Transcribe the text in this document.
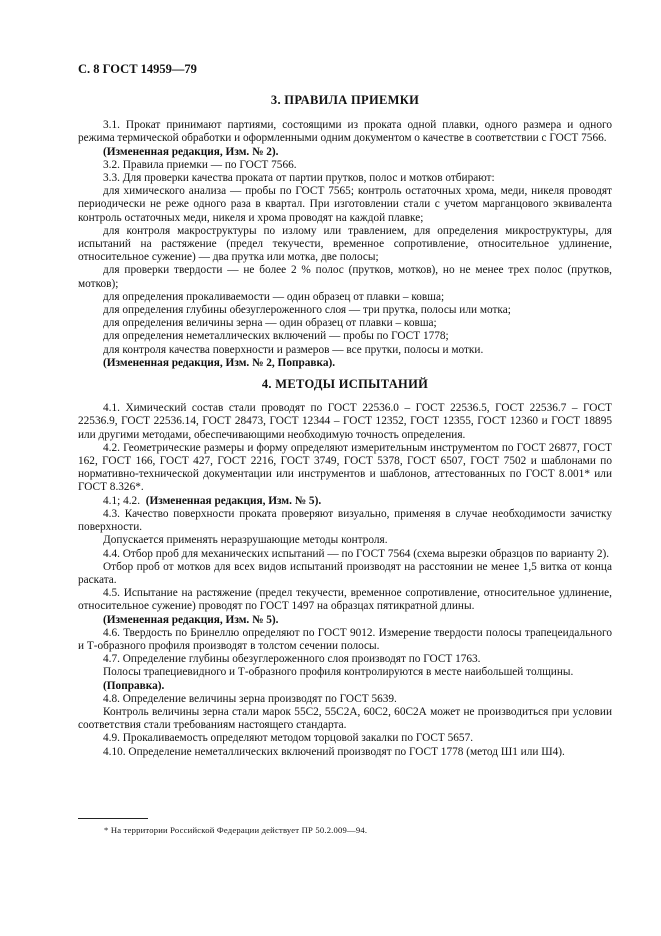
С. 8 ГОСТ 14959—79
3. ПРАВИЛА ПРИЕМКИ

3.1. Прокат принимают партиями, состоящими из проката одной плавки, одного размера и одного режима термической обработки и оформленными одним документом о качестве в соответствии с ГОСТ 7566.

(Измененная редакция, Изм. № 2).

3.2. Правила приемки — по ГОСТ 7566.

3.3. Для проверки качества проката от партии прутков, полос и мотков отбирают:

для химического анализа — пробы по ГОСТ 7565; контроль остаточных хрома, меди, никеля проводят периодически не реже одного раза в квартал. При изготовлении стали с учетом марганцового эквивалента контроль остаточных меди, никеля и хрома проводят на каждой плавке;

для контроля макроструктуры по излому или травлением, для определения микроструктуры, для испытаний на растяжение (предел текучести, временное сопротивление, относительное удлинение, относительное сужение) — два прутка или мотка, две полосы;

для проверки твердости — не более 2 % полос (прутков, мотков), но не менее трех полос (прутков, мотков);

для определения прокаливаемости — один образец от плавки – ковша;

для определения глубины обезуглероженного слоя — три прутка, полосы или мотка;

для определения величины зерна — один образец от плавки – ковша;

для определения неметаллических включений — пробы по ГОСТ 1778;

для контроля качества поверхности и размеров — все прутки, полосы и мотки.

(Измененная редакция, Изм. № 2, Поправка).

4. МЕТОДЫ ИСПЫТАНИЙ

4.1. Химический состав стали проводят по ГОСТ 22536.0 – ГОСТ 22536.5, ГОСТ 22536.7 – ГОСТ 22536.9, ГОСТ 22536.14, ГОСТ 28473, ГОСТ 12344 – ГОСТ 12352, ГОСТ 12355, ГОСТ 12360 и ГОСТ 18895 или другими методами, обеспечивающими необходимую точность определения.

4.2. Геометрические размеры и форму определяют измерительным инструментом по ГОСТ 26877, ГОСТ 162, ГОСТ 166, ГОСТ 427, ГОСТ 2216, ГОСТ 3749, ГОСТ 5378, ГОСТ 6507, ГОСТ 7502 и шаблонами по нормативно-технической документации или инструментов и шаблонов, аттестованных по ГОСТ 8.001* или ГОСТ 8.326*.

4.1; 4.2. (Измененная редакция, Изм. № 5).

4.3. Качество поверхности проката проверяют визуально, применяя в случае необходимости зачистку поверхности.

Допускается применять неразрушающие методы контроля.

4.4. Отбор проб для механических испытаний — по ГОСТ 7564 (схема вырезки образцов по варианту 2).

Отбор проб от мотков для всех видов испытаний производят на расстоянии не менее 1,5 витка от конца раската.

4.5. Испытание на растяжение (предел текучести, временное сопротивление, относительное удлинение, относительное сужение) проводят по ГОСТ 1497 на образцах пятикратной длины.

(Измененная редакция, Изм. № 5).

4.6. Твердость по Бринеллю определяют по ГОСТ 9012. Измерение твердости полосы трапецеидального и Т-образного профиля производят в толстом сечении полосы.

4.7. Определение глубины обезуглероженного слоя производят по ГОСТ 1763.

Полосы трапециевидного и Т-образного профиля контролируются в месте наибольшей толщины.

(Поправка).

4.8. Определение величины зерна производят по ГОСТ 5639.

Контроль величины зерна стали марок 55С2, 55С2А, 60С2, 60С2А может не производиться при условии соответствия стали требованиям настоящего стандарта.

4.9. Прокаливаемость определяют методом торцовой закалки по ГОСТ 5657.

4.10. Определение неметаллических включений производят по ГОСТ 1778 (метод Ш1 или Ш4).

* На территории Российской Федерации действует ПР 50.2.009—94.
